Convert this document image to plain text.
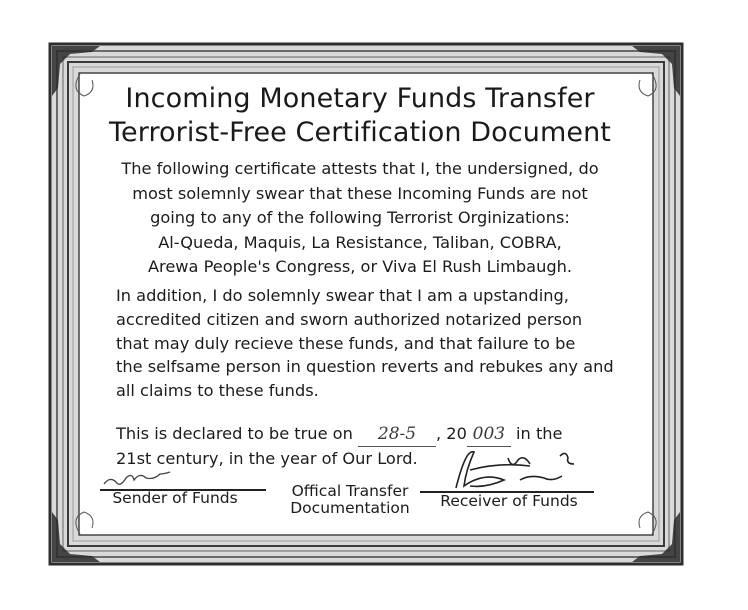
Incoming Monetary Funds Transfer
Terrorist-Free Certification Document
The following certificate attests that I, the undersigned, do
most solemnly swear that these Incoming Funds are not
going to any of the following Terrorist Orginizations:
Al-Queda, Maquis, La Resistance, Taliban, COBRA,
Arewa People's Congress, or Viva El Rush Limbaugh.
In addition, I do solemnly swear that I am a upstanding,
accredited citizen and sworn authorized notarized person
that may duly recieve these funds, and that failure to be
the selfsame person in question reverts and rebukes any and
all claims to these funds.
This is declared to be true on 28-5 , 20 003 in the
21st century, in the year of Our Lord.
Sender of Funds	Offical Transfer
Documentation	Receiver of Funds
